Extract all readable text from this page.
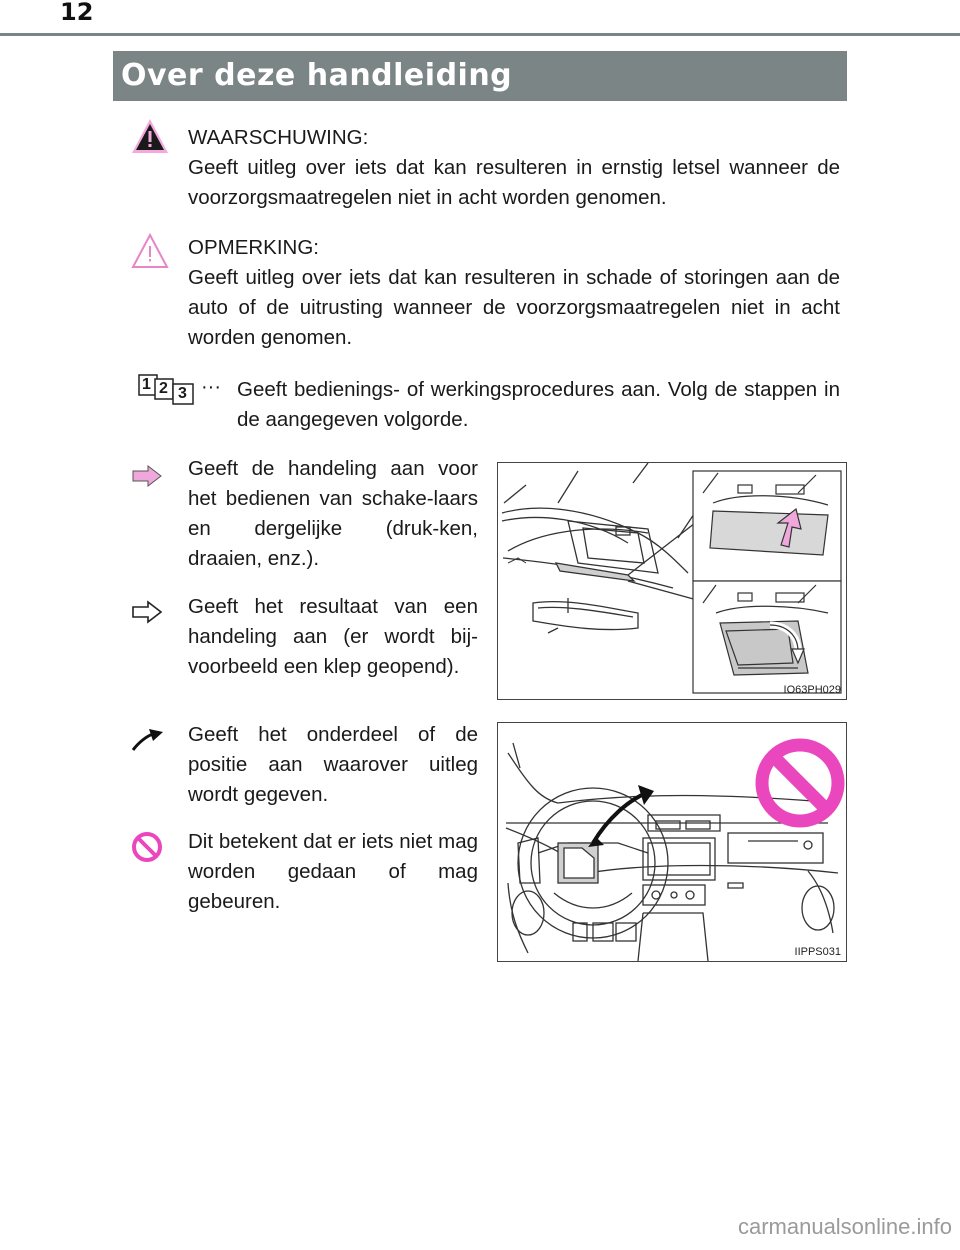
12
Over deze handleiding
WAARSCHUWING:
Geeft uitleg over iets dat kan resulteren in ernstig letsel wanneer de voorzorgsmaatregelen niet in acht worden genomen.
OPMERKING:
Geeft uitleg over iets dat kan resulteren in schade of storingen aan de auto of de uitrusting wanneer de voorzorgsmaatregelen niet in acht worden genomen.
1 2 3 ··· Geeft bedienings- of werkingsprocedures aan. Volg de stappen in de aangegeven volgorde.
Geeft de handeling aan voor het bedienen van schake-laars en dergelijke (druk-ken, draaien, enz.).
Geeft het resultaat van een handeling aan (er wordt bij-voorbeeld een klep geopend).
Geeft het onderdeel of de positie aan waarover uitleg wordt gegeven.
Dit betekent dat er iets niet mag worden gedaan of mag gebeuren.
IO63PH029
IIPPS031
carmanualsonline.info
